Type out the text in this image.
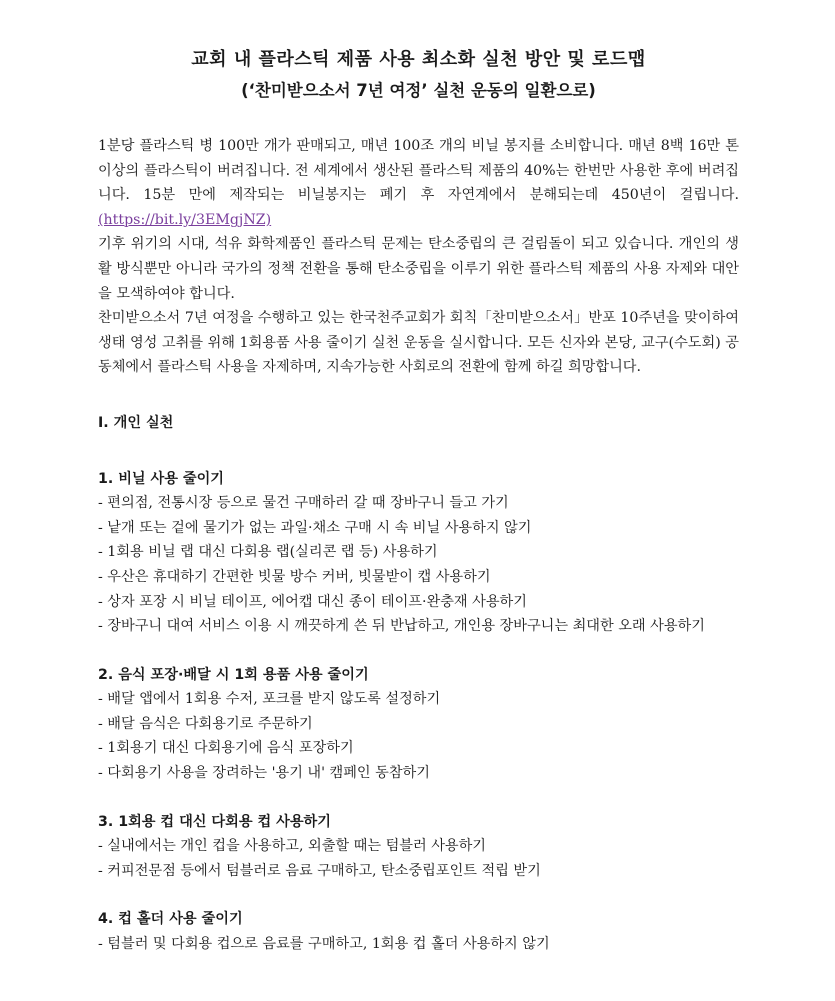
교회 내 플라스틱 제품 사용 최소화 실천 방안 및 로드맵
(‘찬미받으소서 7년 여정’ 실천 운동의 일환으로)

1분당 플라스틱 병 100만 개가 판매되고, 매년 100조 개의 비닐 봉지를 소비합니다. 매년 8백 16만 톤 이상의 플라스틱이 버려집니다. 전 세계에서 생산된 플라스틱 제품의 40%는 한번만 사용한 후에 버려집니다. 15분 만에 제작되는 비닐봉지는 폐기 후 자연계에서 분해되는데 450년이 걸립니다.(https://bit.ly/3EMgjNZ)

기후 위기의 시대, 석유 화학제품인 플라스틱 문제는 탄소중립의 큰 걸림돌이 되고 있습니다. 개인의 생활 방식뿐만 아니라 국가의 정책 전환을 통해 탄소중립을 이루기 위한 플라스틱 제품의 사용 자제와 대안을 모색하여야 합니다.

찬미받으소서 7년 여정을 수행하고 있는 한국천주교회가 회칙「찬미받으소서」반포 10주년을 맞이하여 생태 영성 고취를 위해 1회용품 사용 줄이기 실천 운동을 실시합니다. 모든 신자와 본당, 교구(수도회) 공동체에서 플라스틱 사용을 자제하며, 지속가능한 사회로의 전환에 함께 하길 희망합니다.

Ⅰ. 개인 실천
1. 비닐 사용 줄이기
- 편의점, 전통시장 등으로 물건 구매하러 갈 때 장바구니 들고 가기
- 낱개 또는 겉에 물기가 없는 과일·채소 구매 시 속 비닐 사용하지 않기
- 1회용 비닐 랩 대신 다회용 랩(실리콘 랩 등) 사용하기
- 우산은 휴대하기 간편한 빗물 방수 커버, 빗물받이 캡 사용하기
- 상자 포장 시 비닐 테이프, 에어캡 대신 종이 테이프·완충재 사용하기
- 장바구니 대여 서비스 이용 시 깨끗하게 쓴 뒤 반납하고, 개인용 장바구니는 최대한 오래 사용하기
2. 음식 포장·배달 시 1회 용품 사용 줄이기
- 배달 앱에서 1회용 수저, 포크를 받지 않도록 설정하기
- 배달 음식은 다회용기로 주문하기
- 1회용기 대신 다회용기에 음식 포장하기
- 다회용기 사용을 장려하는 '용기 내' 캠페인 동참하기
3. 1회용 컵 대신 다회용 컵 사용하기
- 실내에서는 개인 컵을 사용하고, 외출할 때는 텀블러 사용하기
- 커피전문점 등에서 텀블러로 음료 구매하고, 탄소중립포인트 적립 받기
4. 컵 홀더 사용 줄이기
- 텀블러 및 다회용 컵으로 음료를 구매하고, 1회용 컵 홀더 사용하지 않기
